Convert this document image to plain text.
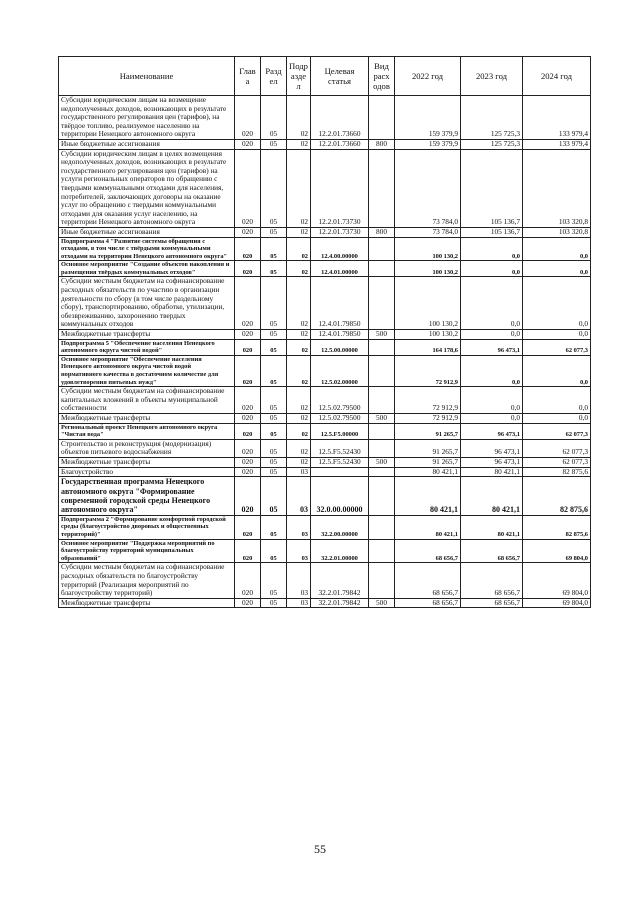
Наименование	Глав а	Разд ел	Подр азде л	Целевая статья	Вид расх одов	2022 год	2023 год	2024 год
Субсидии юридическим лицам на возмещение недополученных доходов, возникающих в результате государственного регулирования цен (тарифов), на твёрдое топливо, реализуемое населению на территории Ненецкого автономного округа	020	05	02	12.2.01.73660		159 379,9	125 725,3	133 979,4
Иные бюджетные ассигнования	020	05	02	12.2.01.73660	800	159 379,9	125 725,3	133 979,4
Субсидии юридическим лицам в целях возмещения недополученных доходов, возникающих в результате государственного регулирования цен (тарифов) на услуги региональных операторов по обращению с твердыми коммунальными отходами для населения, потребителей, заключающих договоры на оказание услуг по обращению с твердыми коммунальными отходами для оказания услуг населению, на территории Ненецкого автономного округа	020	05	02	12.2.01.73730		73 784,0	105 136,7	103 320,8
Иные бюджетные ассигнования	020	05	02	12.2.01.73730	800	73 784,0	105 136,7	103 320,8
Подпрограмма 4 "Развитие системы обращения с отходами, в том числе с твёрдыми коммунальными отходами на территории Ненецкого автономного округа"	020	05	02	12.4.00.00000		100 130,2	0,0	0,0
Основное мероприятие "Создание объектов накопления и размещения твёрдых коммунальных отходов"	020	05	02	12.4.01.00000		100 130,2	0,0	0,0
Субсидии местным бюджетам на софинансирование расходных обязательств по участию в организации деятельности по сбору (в том числе раздельному сбору), транспортированию, обработке, утилизации, обезвреживанию, захоронению твердых коммунальных отходов	020	05	02	12.4.01.79850		100 130,2	0,0	0,0
Межбюджетные трансферты	020	05	02	12.4.01.79850	500	100 130,2	0,0	0,0
Подпрограмма 5 "Обеспечение населения Ненецкого автономного округа чистой водой"	020	05	02	12.5.00.00000		164 178,6	96 473,1	62 077,3
Основное мероприятие "Обеспечение населения Ненецкого автономного округа чистой водой нормативного качества в достаточном количестве для удовлетворения питьевых нужд"	020	05	02	12.5.02.00000		72 912,9	0,0	0,0
Субсидии местным бюджетам на софинансирование капитальных вложений в объекты муниципальной собственности	020	05	02	12.5.02.79500		72 912,9	0,0	0,0
Межбюджетные трансферты	020	05	02	12.5.02.79500	500	72 912,9	0,0	0,0
Региональный проект Ненецкого автономного округа "Чистая вода"	020	05	02	12.5.F5.00000		91 265,7	96 473,1	62 077,3
Строительство и реконструкция (модернизация) объектов питьевого водоснабжения	020	05	02	12.5.F5.52430		91 265,7	96 473,1	62 077,3
Межбюджетные трансферты	020	05	02	12.5.F5.52430	500	91 265,7	96 473,1	62 077,3
Благоустройство	020	05	03			80 421,1	80 421,1	82 875,6
Государственная программа Ненецкого автономного округа "Формирование современной городской среды Ненецкого автономного округа"	020	05	03	32.0.00.00000		80 421,1	80 421,1	82 875,6
Подпрограмма 2 "Формирование комфортной городской среды (благоустройство дворовых и общественных территорий)"	020	05	03	32.2.00.00000		80 421,1	80 421,1	82 875,6
Основное мероприятие "Поддержка мероприятий по благоустройству территорий муниципальных образований"	020	05	03	32.2.01.00000		68 656,7	68 656,7	69 804,0
Субсидии местным бюджетам на софинансирование расходных обязательств по благоустройству территорий (Реализация мероприятий по благоустройству территорий)	020	05	03	32.2.01.79842		68 656,7	68 656,7	69 804,0
Межбюджетные трансферты	020	05	03	32.2.01.79842	500	68 656,7	68 656,7	69 804,0
55
